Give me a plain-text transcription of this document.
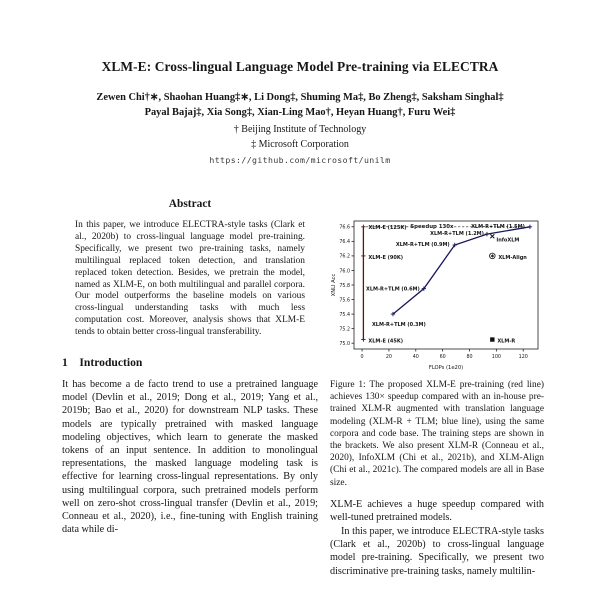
XLM-E: Cross-lingual Language Model Pre-training via ELECTRA
Zewen Chi†∗, Shaohan Huang‡∗, Li Dong‡, Shuming Ma‡, Bo Zheng‡, Saksham Singhal‡
Payal Bajaj‡, Xia Song‡, Xian-Ling Mao†, Heyan Huang†, Furu Wei‡
† Beijing Institute of Technology
‡ Microsoft Corporation
https://github.com/microsoft/unilm
Abstract
In this paper, we introduce ELECTRA-style tasks (Clark et al., 2020b) to cross-lingual language model pre-training. Specifically, we present two pre-training tasks, namely multilingual replaced token detection, and translation replaced token detection. Besides, we pretrain the model, named as XLM-E, on both multilingual and parallel corpora. Our model outperforms the baseline models on various cross-lingual understanding tasks with much less computation cost. Moreover, analysis shows that XLM-E tends to obtain better cross-lingual transferability.
1 Introduction
It has become a de facto trend to use a pretrained language model (Devlin et al., 2019; Dong et al., 2019; Yang et al., 2019b; Bao et al., 2020) for downstream NLP tasks. These models are typically pretrained with masked language modeling objectives, which learn to generate the masked tokens of an input sentence. In addition to monolingual representations, the masked language modeling task is effective for learning cross-lingual representations. By only using multilingual corpora, such pretrained models perform well on zero-shot cross-lingual transfer (Devlin et al., 2019; Conneau et al., 2020), i.e., fine-tuning with English training data while di-
0	20	40	60	80	100	120
75.0
75.2
75.4
75.6
75.8
76.0
76.2
76.4
76.6
FLOPs (1e20)
XNLI Acc
XLM-E (45K)
XLM-E (90K)
XLM-E (125K)
XLM-R+TLM (0.3M)
XLM-R+TLM (0.6M)
XLM-R+TLM (0.9M)
XLM-R+TLM (1.2M)
XLM-R+TLM (1.5M)
XLM-R
InfoXLM
XLM-Align
Speedup 130x
Figure 1: The proposed XLM-E pre-training (red line) achieves 130× speedup compared with an in-house pre-trained XLM-R augmented with translation language modeling (XLM-R + TLM; blue line), using the same corpora and code base. The training steps are shown in the brackets. We also present XLM-R (Conneau et al., 2020), InfoXLM (Chi et al., 2021b), and XLM-Align (Chi et al., 2021c). The compared models are all in Base size.

XLM-E achieves a huge speedup compared with well-tuned pretrained models.

In this paper, we introduce ELECTRA-style tasks (Clark et al., 2020b) to cross-lingual language model pre-training. Specifically, we present two discriminative pre-training tasks, namely multilin-
